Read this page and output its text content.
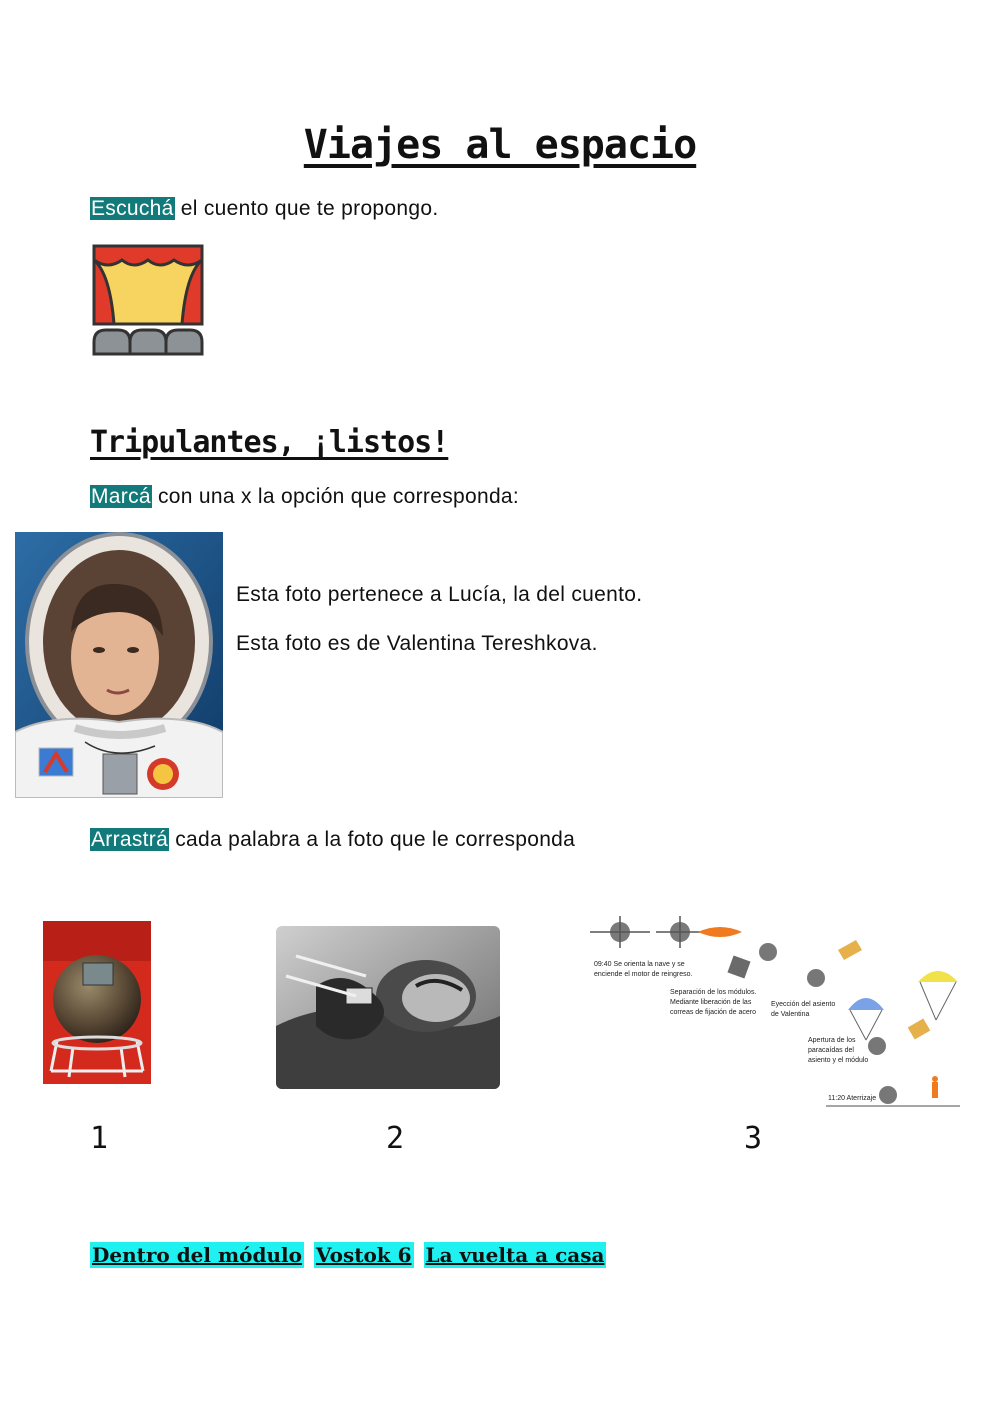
Viajes al espacio
Escuchá el cuento que te propongo.
Tripulantes, ¡listos!
Marcá con una x la opción que corresponda:
Esta foto pertenece a Lucía, la del cuento.
Esta foto es de Valentina Tereshkova.
Arrastrá cada palabra a la foto que le corresponda
09:40 Se orienta la nave y se
enciende el motor de reingreso.
Separación de los módulos.
Mediante liberación de las
correas de fijación de acero
Eyección del asiento
de Valentina
Apertura de los
paracaídas del
asiento y el módulo
11:20 Aterrizaje
1	2	3
Dentro del módulo Vostok 6 La vuelta a casa
